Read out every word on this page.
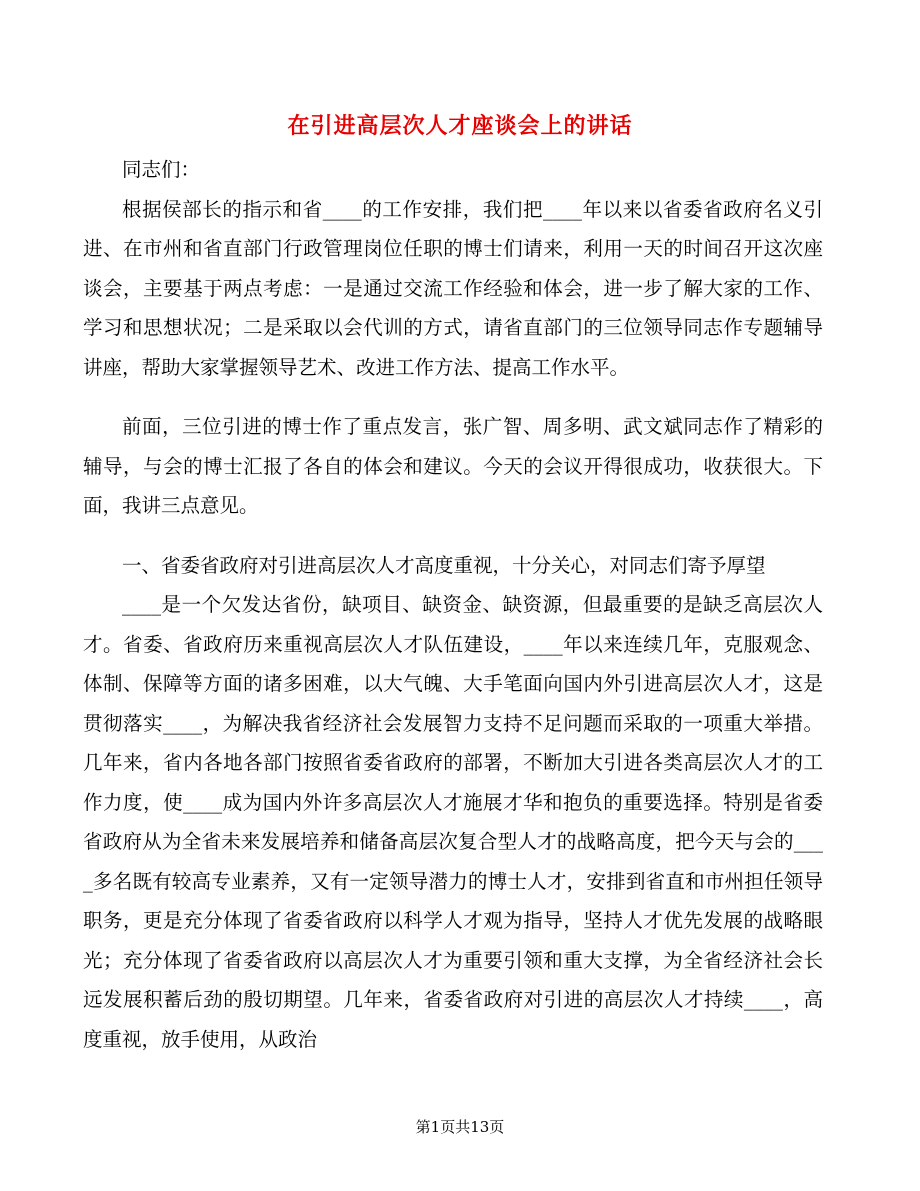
在引进高层次人才座谈会上的讲话

同志们：

根据侯部长的指示和省____的工作安排，我们把____年以来以省委省政府名义引进、在市州和省直部门行政管理岗位任职的博士们请来，利用一天的时间召开这次座谈会，主要基于两点考虑：一是通过交流工作经验和体会，进一步了解大家的工作、学习和思想状况；二是采取以会代训的方式，请省直部门的三位领导同志作专题辅导讲座，帮助大家掌握领导艺术、改进工作方法、提高工作水平。

前面，三位引进的博士作了重点发言，张广智、周多明、武文斌同志作了精彩的辅导，与会的博士汇报了各自的体会和建议。今天的会议开得很成功，收获很大。下面，我讲三点意见。

一、省委省政府对引进高层次人才高度重视，十分关心，对同志们寄予厚望

____是一个欠发达省份，缺项目、缺资金、缺资源，但最重要的是缺乏高层次人才。省委、省政府历来重视高层次人才队伍建设，____年以来连续几年，克服观念、体制、保障等方面的诸多困难，以大气魄、大手笔面向国内外引进高层次人才，这是贯彻落实____，为解决我省经济社会发展智力支持不足问题而采取的一项重大举措。几年来，省内各地各部门按照省委省政府的部署，不断加大引进各类高层次人才的工作力度，使____成为国内外许多高层次人才施展才华和抱负的重要选择。特别是省委省政府从为全省未来发展培养和储备高层次复合型人才的战略高度，把今天与会的____多名既有较高专业素养，又有一定领导潜力的博士人才，安排到省直和市州担任领导职务，更是充分体现了省委省政府以科学人才观为指导，坚持人才优先发展的战略眼光；充分体现了省委省政府以高层次人才为重要引领和重大支撑，为全省经济社会长远发展积蓄后劲的殷切期望。几年来，省委省政府对引进的高层次人才持续____，高度重视，放手使用，从政治

第1页共13页
